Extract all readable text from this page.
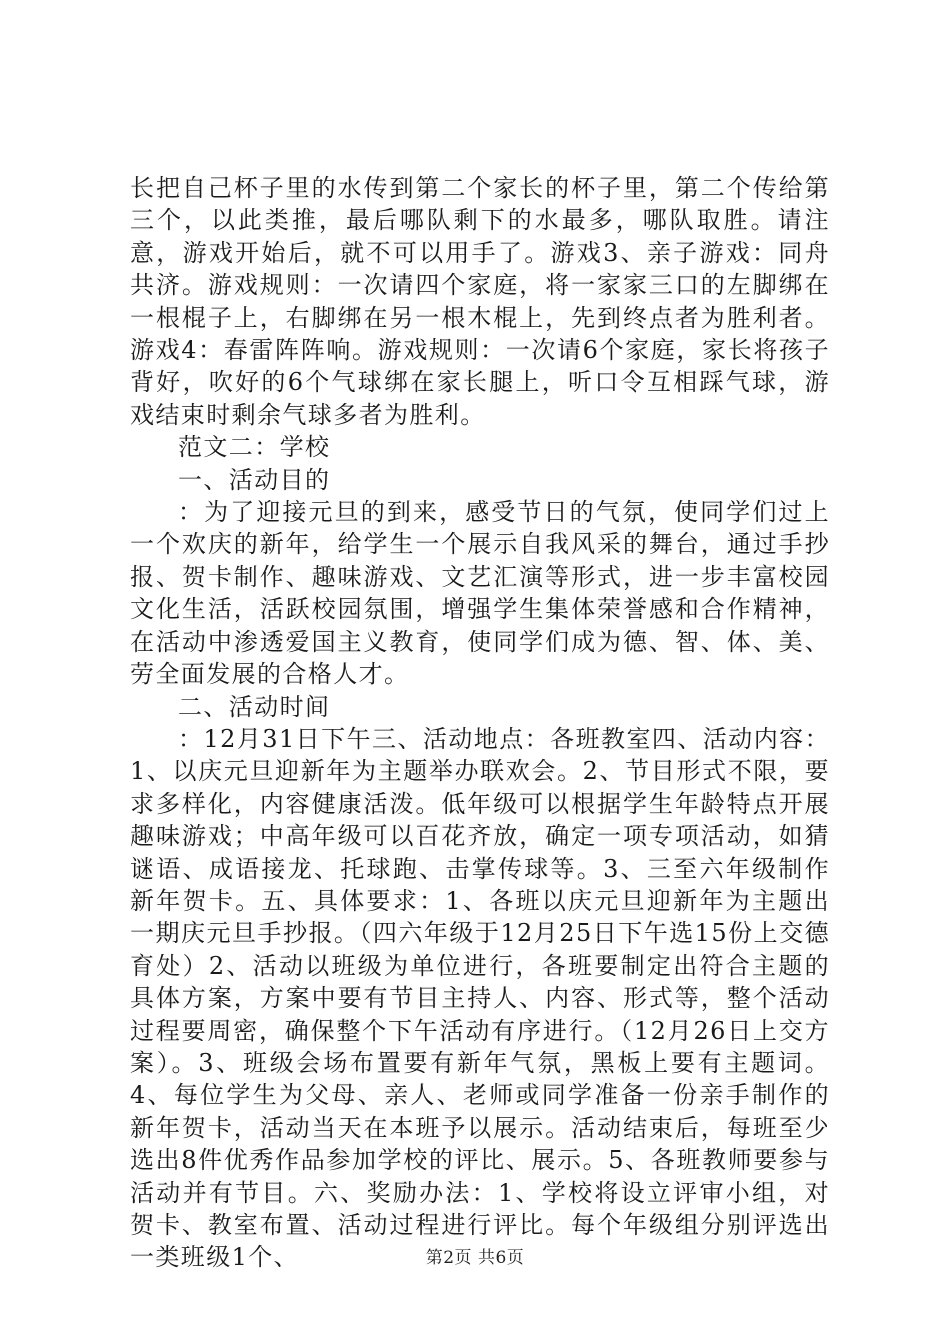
长把自己杯子里的水传到第二个家长的杯子里，第二个传给第三个，以此类推，最后哪队剩下的水最多，哪队取胜。请注意，游戏开始后，就不可以用手了。游戏3、亲子游戏：同舟共济。游戏规则：一次请四个家庭，将一家家三口的左脚绑在一根棍子上，右脚绑在另一根木棍上，先到终点者为胜利者。游戏4：春雷阵阵响。游戏规则：一次请6个家庭，家长将孩子背好，吹好的6个气球绑在家长腿上，听口令互相踩气球，游戏结束时剩余气球多者为胜利。

范文二：学校

一、活动目的

：为了迎接元旦的到来，感受节日的气氛，使同学们过上一个欢庆的新年，给学生一个展示自我风采的舞台，通过手抄报、贺卡制作、趣味游戏、文艺汇演等形式，进一步丰富校园文化生活，活跃校园氛围，增强学生集体荣誉感和合作精神，在活动中渗透爱国主义教育，使同学们成为德、智、体、美、劳全面发展的合格人才。

二、活动时间

：12月31日下午三、活动地点：各班教室四、活动内容：1、以庆元旦迎新年为主题举办联欢会。2、节目形式不限，要求多样化，内容健康活泼。低年级可以根据学生年龄特点开展趣味游戏；中高年级可以百花齐放，确定一项专项活动，如猜谜语、成语接龙、托球跑、击掌传球等。3、三至六年级制作新年贺卡。五、具体要求：1、各班以庆元旦迎新年为主题出一期庆元旦手抄报。（四六年级于12月25日下午选15份上交德育处）2、活动以班级为单位进行，各班要制定出符合主题的具体方案，方案中要有节目主持人、内容、形式等，整个活动过程要周密，确保整个下午活动有序进行。（12月26日上交方案）。3、班级会场布置要有新年气氛，黑板上要有主题词。4、每位学生为父母、亲人、老师或同学准备一份亲手制作的新年贺卡，活动当天在本班予以展示。活动结束后，每班至少选出8件优秀作品参加学校的评比、展示。5、各班教师要参与活动并有节目。六、奖励办法：1、学校将设立评审小组，对贺卡、教室布置、活动过程进行评比。每个年级组分别评选出一类班级1个、	第2页 共6页
